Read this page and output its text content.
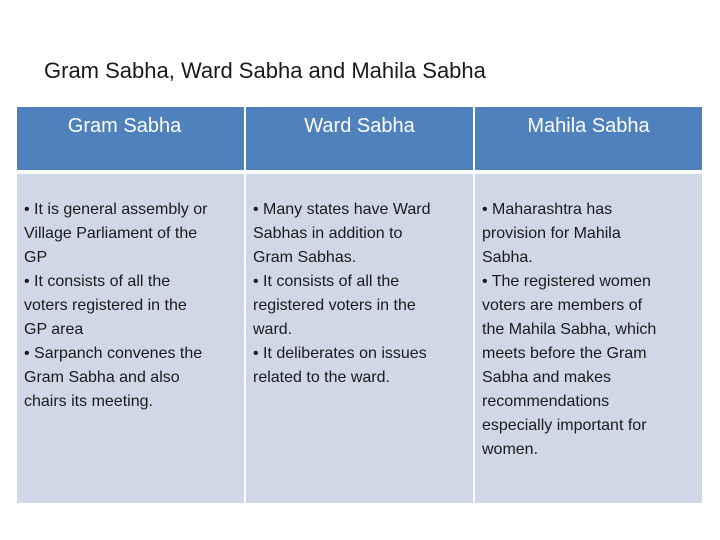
Gram Sabha, Ward Sabha and Mahila Sabha
Gram Sabha	Ward Sabha	Mahila Sabha
• It is general assembly or
Village Parliament of the
GP
• It consists of all the
voters registered in the
GP area
• Sarpanch convenes the
Gram Sabha and also
chairs its meeting.
• Many states have Ward
Sabhas in addition to
Gram Sabhas.
• It consists of all the
registered voters in the
ward.
• It deliberates on issues
related to the ward.
• Maharashtra has
provision for Mahila
Sabha.
• The registered women
voters are members of
the Mahila Sabha, which
meets before the Gram
Sabha and makes
recommendations
especially important for
women.
